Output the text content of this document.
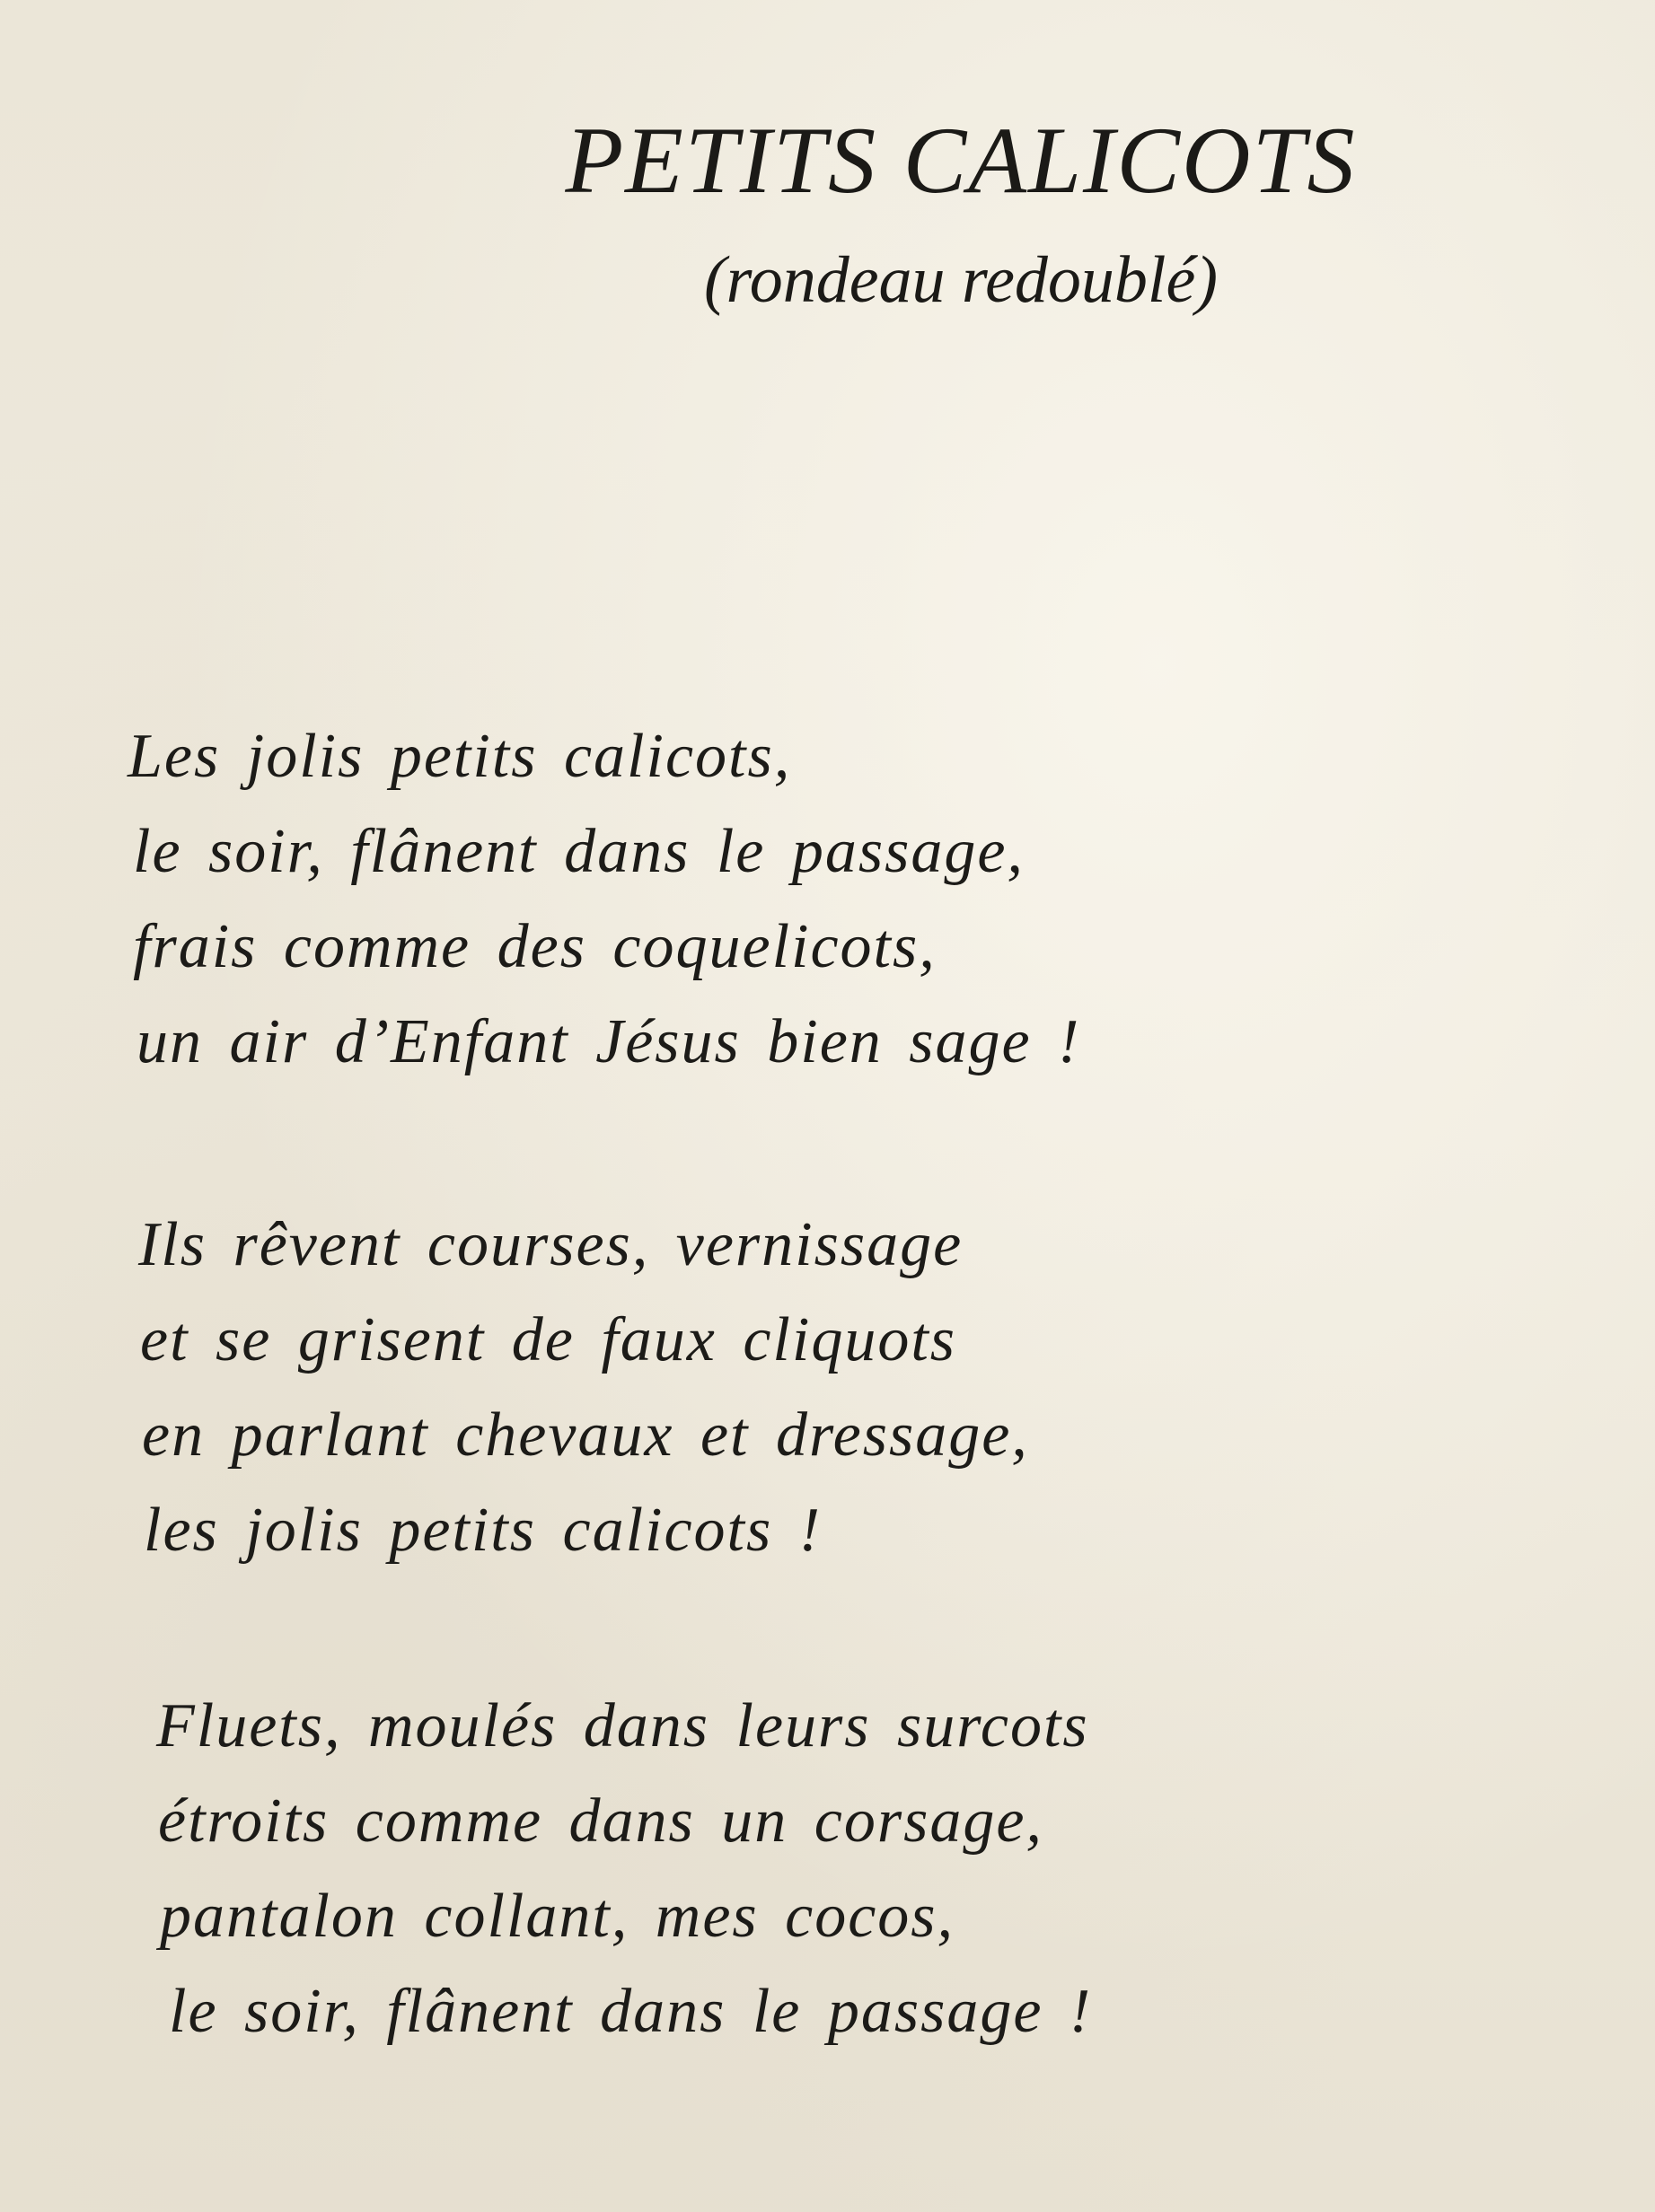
PETITS CALICOTS
(rondeau redoublé)
Les jolis petits calicots,
le soir, flânent dans le passage,
frais comme des coquelicots,
un air d’Enfant Jésus bien sage !
Ils rêvent courses, vernissage
et se grisent de faux cliquots
en parlant chevaux et dressage,
les jolis petits calicots !
Fluets, moulés dans leurs surcots
étroits comme dans un corsage,
pantalon collant, mes cocos,
le soir, flânent dans le passage !
